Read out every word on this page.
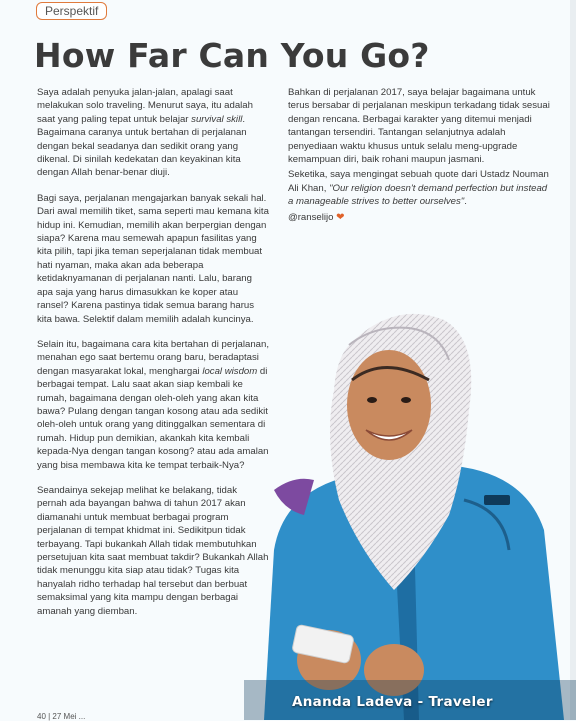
Perspektif
How Far Can You Go?

Saya adalah penyuka jalan-jalan, apalagi saat melakukan solo traveling. Menurut saya, itu adalah saat yang paling tepat untuk belajar survival skill. Bagaimana caranya untuk bertahan di perjalanan dengan bekal seadanya dan sedikit orang yang dikenal. Di sinilah kedekatan dan keyakinan kita dengan Allah benar-benar diuji.

Bagi saya, perjalanan mengajarkan banyak sekali hal. Dari awal memilih tiket, sama seperti mau kemana kita hidup ini. Kemudian, memilih akan berpergian dengan siapa? Karena mau semewah apapun fasilitas yang kita pilih, tapi jika teman seperjalanan tidak membuat hati nyaman, maka akan ada beberapa ketidaknyamanan di perjalanan nanti. Lalu, barang apa saja yang harus dimasukkan ke koper atau ransel? Karena pastinya tidak semua barang harus kita bawa. Selektif dalam memilih adalah kuncinya.

Selain itu, bagaimana cara kita bertahan di perjalanan, menahan ego saat bertemu orang baru, beradaptasi dengan masyarakat lokal, menghargai local wisdom di berbagai tempat. Lalu saat akan siap kembali ke rumah, bagaimana dengan oleh-oleh yang akan kita bawa? Pulang dengan tangan kosong atau ada sedikit oleh-oleh untuk orang yang ditinggalkan sementara di rumah. Hidup pun demikian, akankah kita kembali kepada-Nya dengan tangan kosong? atau ada amalan yang bisa membawa kita ke tempat terbaik-Nya?

Seandainya sekejap melihat ke belakang, tidak pernah ada bayangan bahwa di tahun 2017 akan diamanahi untuk membuat berbagai program perjalanan di tempat khidmat ini. Sedikitpun tidak terbayang. Tapi bukankah Allah tidak membutuhkan persetujuan kita saat membuat takdir? Bukankah Allah tidak menunggu kita siap atau tidak? Tugas kita hanyalah ridho terhadap hal tersebut dan berbuat semaksimal yang kita mampu dengan berbagai amanah yang diemban.

Bahkan di perjalanan 2017, saya belajar bagaimana untuk terus bersabar di perjalanan meskipun terkadang tidak sesuai dengan rencana. Berbagai karakter yang ditemui menjadi tantangan tersendiri. Tantangan selanjutnya adalah penyediaan waktu khusus untuk selalu meng-upgrade kemampuan diri, baik rohani maupun jasmani.

Seketika, saya mengingat sebuah quote dari Ustadz Nouman Ali Khan, "Our religion doesn't demand perfection but instead a manageable strives to better ourselves".

@ranselijo ❤

Ananda Ladeva - Traveler
40 | 27 Mei ...
